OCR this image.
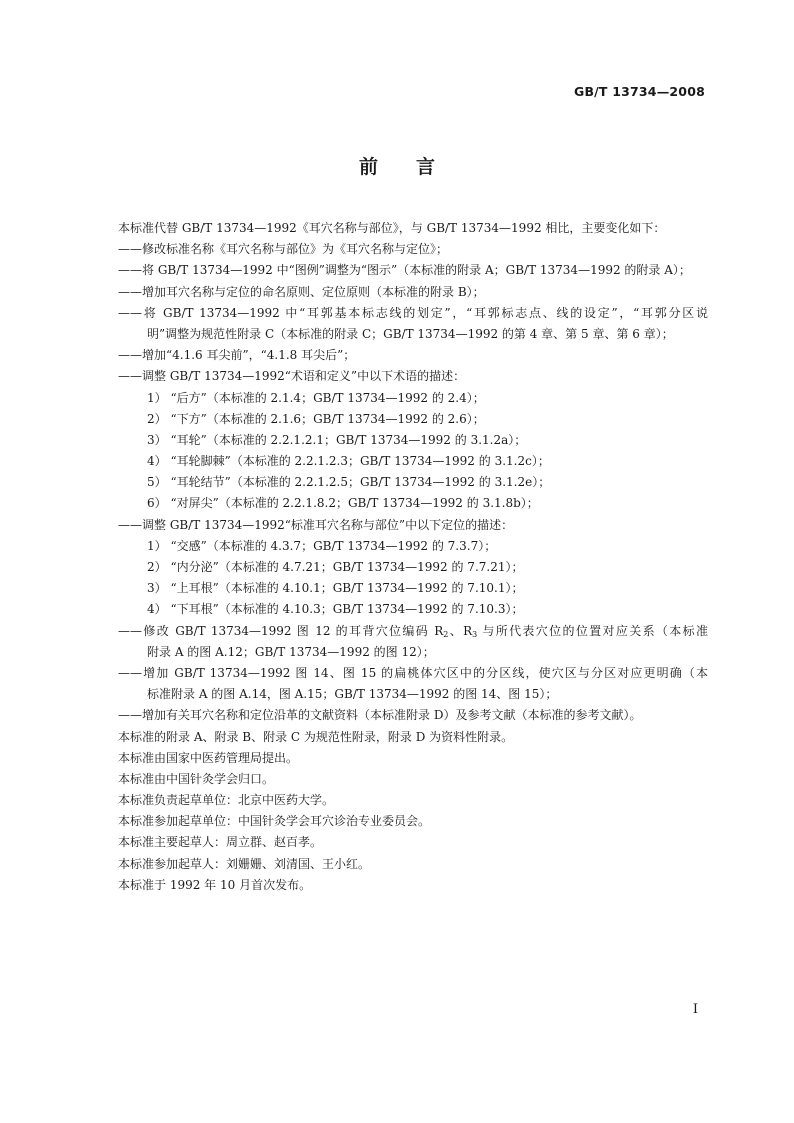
GB/T 13734—2008
前言
本标准代替 GB/T 13734—1992《耳穴名称与部位》，与 GB/T 13734—1992 相比，主要变化如下：
——修改标准名称《耳穴名称与部位》为《耳穴名称与定位》；
——将 GB/T 13734—1992 中“图例”调整为“图示”（本标准的附录 A；GB/T 13734—1992 的附录 A）；
——增加耳穴名称与定位的命名原则、定位原则（本标准的附录 B）；
——将 GB/T 13734—1992 中“耳郭基本标志线的划定”，“耳郭标志点、线的设定”，“耳郭分区说
明”调整为规范性附录 C（本标准的附录 C；GB/T 13734—1992 的第 4 章、第 5 章、第 6 章）；
——增加“4.1.6 耳尖前”，“4.1.8 耳尖后”；
——调整 GB/T 13734—1992“术语和定义”中以下术语的描述：
1） “后方”（本标准的 2.1.4；GB/T 13734—1992 的 2.4）；
2） “下方”（本标准的 2.1.6；GB/T 13734—1992 的 2.6）；
3） “耳轮”（本标准的 2.2.1.2.1；GB/T 13734—1992 的 3.1.2a）；
4） “耳轮脚棘”（本标准的 2.2.1.2.3；GB/T 13734—1992 的 3.1.2c）；
5） “耳轮结节”（本标准的 2.2.1.2.5；GB/T 13734—1992 的 3.1.2e）；
6） “对屏尖”（本标准的 2.2.1.8.2；GB/T 13734—1992 的 3.1.8b）；
——调整 GB/T 13734—1992“标准耳穴名称与部位”中以下定位的描述：
1） “交感”（本标准的 4.3.7；GB/T 13734—1992 的 7.3.7）；
2） “内分泌”（本标准的 4.7.21；GB/T 13734—1992 的 7.7.21）；
3） “上耳根”（本标准的 4.10.1；GB/T 13734—1992 的 7.10.1）；
4） “下耳根”（本标准的 4.10.3；GB/T 13734—1992 的 7.10.3）；
——修改 GB/T 13734—1992 图 12 的耳背穴位编码 $R_2$、$R_3$ 与所代表穴位的位置对应关系（本标准
附录 A 的图 A.12；GB/T 13734—1992 的图 12）；
——增加 GB/T 13734—1992 图 14、图 15 的扁桃体穴区中的分区线，使穴区与分区对应更明确（本
标准附录 A 的图 A.14，图 A.15；GB/T 13734—1992 的图 14、图 15）；
——增加有关耳穴名称和定位沿革的文献资料（本标准附录 D）及参考文献（本标准的参考文献）。
本标准的附录 A、附录 B、附录 C 为规范性附录，附录 D 为资料性附录。
本标准由国家中医药管理局提出。
本标准由中国针灸学会归口。
本标准负责起草单位：北京中医药大学。
本标准参加起草单位：中国针灸学会耳穴诊治专业委员会。
本标准主要起草人：周立群、赵百孝。
本标准参加起草人：刘姗姗、刘清国、王小红。
本标准于 1992 年 10 月首次发布。
I
